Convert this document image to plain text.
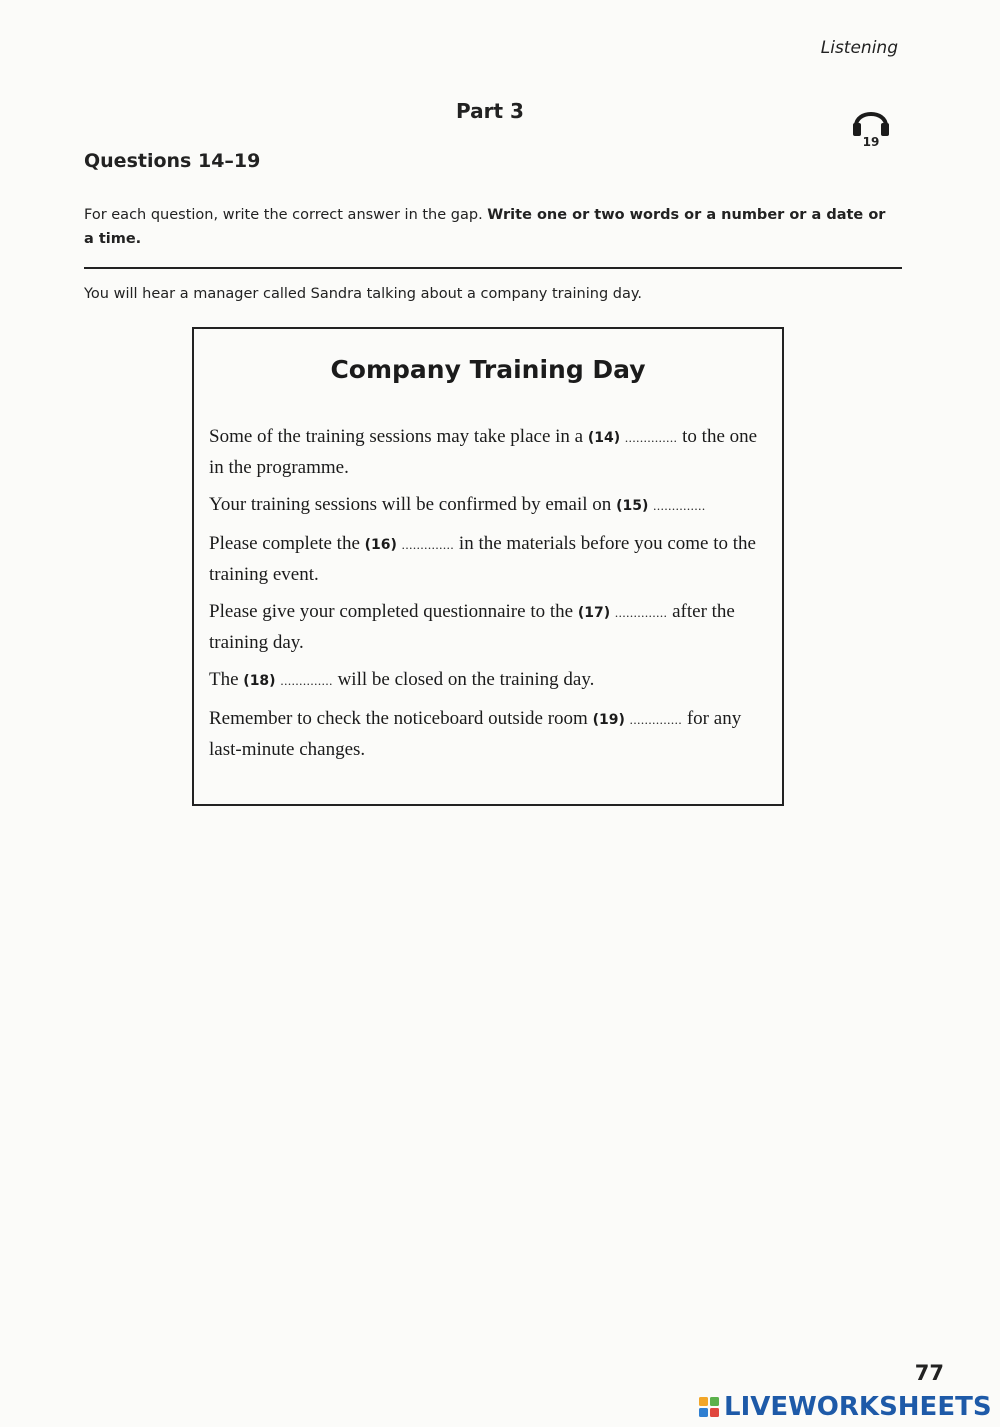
Listening
Part 3
19
Questions 14–19
For each question, write the correct answer in the gap. Write one or two words or a number or a date or a time.
You will hear a manager called Sandra talking about a company training day.
Company Training Day
Some of the training sessions may take place in a (14) .............. to the one in the programme.
Your training sessions will be confirmed by email on (15) ..............
Please complete the (16) .............. in the materials before you come to the training event.
Please give your completed questionnaire to the (17) .............. after the training day.
The (18) .............. will be closed on the training day.
Remember to check the noticeboard outside room (19) .............. for any last-minute changes.
77
LIVEWORKSHEETS
